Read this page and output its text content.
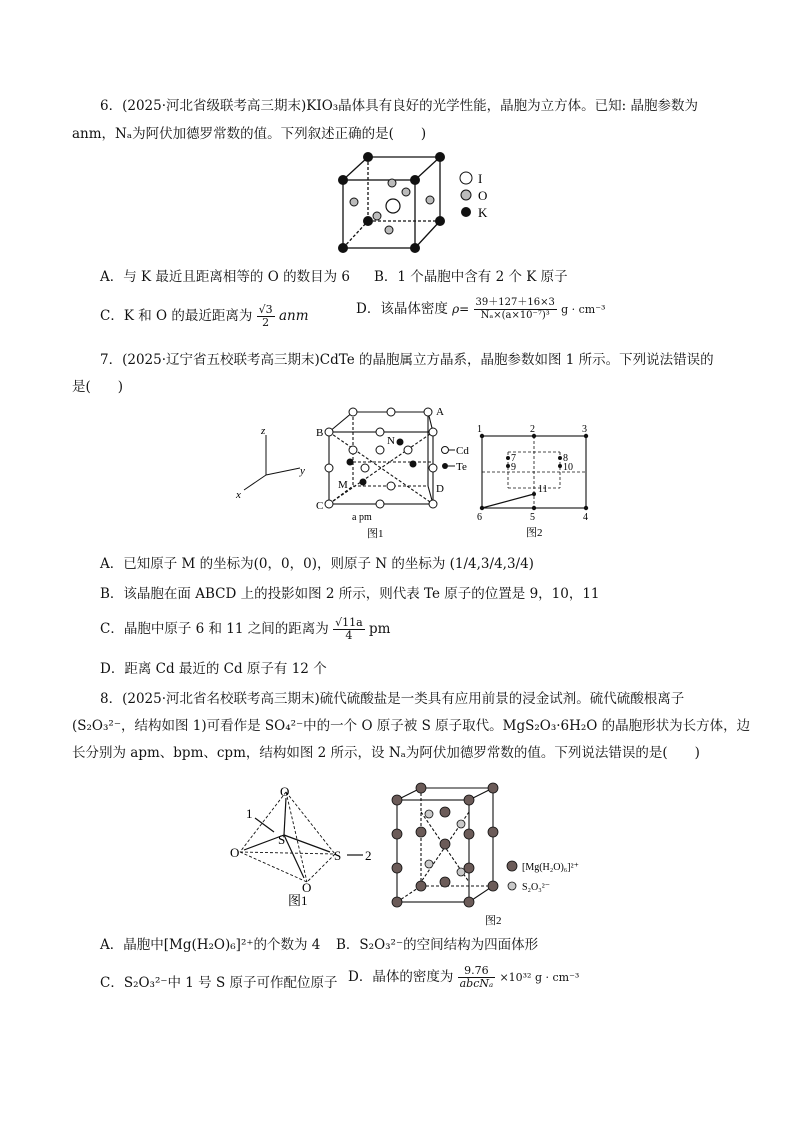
6．(2025·河北省级联考高三期末)KIO₃晶体具有良好的光学性能，晶胞为立方体。已知: 晶胞参数为
anm，Nₐ为阿伏加德罗常数的值。下列叙述正确的是(　　)
I
O
K
A．与 K 最近且距离相等的 O 的数目为 6 B．1 个晶胞中含有 2 个 K 原子
C．K 和 O 的最近距离为 $\frac{√3}{2}$ anm	D．该晶体密度 $\rho= \frac{39+127+16\times 3}{\text{Nₐ×(a×10⁻⁷)³}}$ g · cm⁻³
7．(2025·辽宁省五校联考高三期末)CdTe 的晶胞属立方晶系，晶胞参数如图 1 所示。下列说法错误的
是(　　)
z
y
x
A
B
C
D
M
N
a pm
图1
Cd
Te
1	2	3
4
5
6
7	8
9	10
11
图2
A．已知原子 M 的坐标为(0，0，0)，则原子 N 的坐标为 (1/4,3/4,3/4)
B．该晶胞在面 ABCD 上的投影如图 2 所示，则代表 Te 原子的位置是 9，10，11
C．晶胞中原子 6 和 11 之间的距离为 $\frac{√11a}{4}$ pm
D．距离 Cd 最近的 Cd 原子有 12 个
8．(2025·河北省名校联考高三期末)硫代硫酸盐是一类具有应用前景的浸金试剂。硫代硫酸根离子
(S₂O₃²⁻，结构如图 1)可看作是 SO₄²⁻中的一个 O 原子被 S 原子取代。MgS₂O₃·6H₂O 的晶胞形状为长方体，边
长分别为 apm、bpm、cpm，结构如图 2 所示，设 Nₐ为阿伏加德罗常数的值。下列说法错误的是(　　)
O
O
O
S
S
1
2
图1
[Mg(H₂O)₆]²⁺
S₂O₃²⁻
图2
A．晶胞中[Mg(H₂O)₆]²⁺的个数为 4 B．S₂O₃²⁻的空间结构为四面体形
C．S₂O₃²⁻中 1 号 S 原子可作配位原子 D．晶体的密度为 $\frac{9.76}{\text{abcNₐ}} \times 10^{32}$ g · cm⁻³
